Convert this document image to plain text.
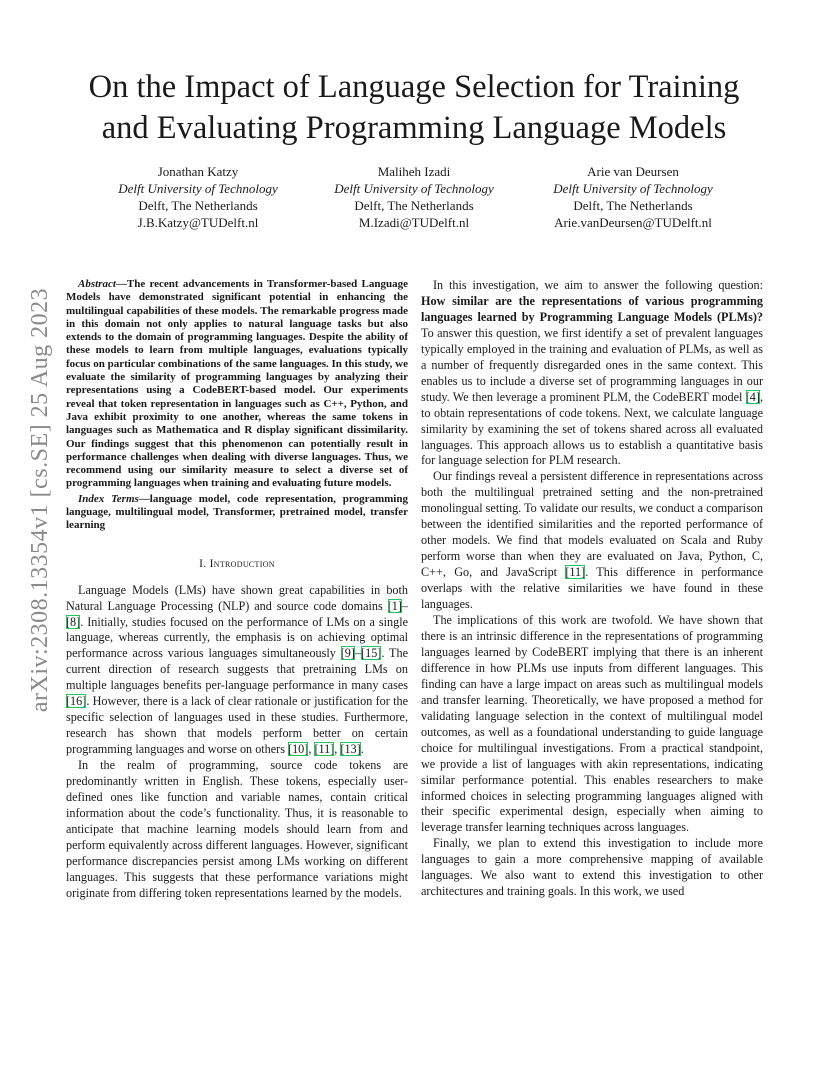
On the Impact of Language Selection for Training
and Evaluating Programming Language Models
Jonathan Katzy
Delft University of Technology
Delft, The Netherlands
J.B.Katzy@TUDelft.nl
Maliheh Izadi
Delft University of Technology
Delft, The Netherlands
M.Izadi@TUDelft.nl
Arie van Deursen
Delft University of Technology
Delft, The Netherlands
Arie.vanDeursen@TUDelft.nl
arXiv:2308.13354v1 [cs.SE] 25 Aug 2023
Abstract—The recent advancements in Transformer-based Language Models have demonstrated significant potential in enhancing the multilingual capabilities of these models. The remarkable progress made in this domain not only applies to natural language tasks but also extends to the domain of programming languages. Despite the ability of these models to learn from multiple languages, evaluations typically focus on particular combinations of the same languages. In this study, we evaluate the similarity of programming languages by analyzing their representations using a CodeBERT-based model. Our experiments reveal that token representation in languages such as C++, Python, and Java exhibit proximity to one another, whereas the same tokens in languages such as Mathematica and R display significant dissimilarity. Our findings suggest that this phenomenon can potentially result in performance challenges when dealing with diverse languages. Thus, we recommend using our similarity measure to select a diverse set of programming languages when training and evaluating future models.
Index Terms—language model, code representation, programming language, multilingual model, Transformer, pretrained model, transfer learning
I. Introduction

Language Models (LMs) have shown great capabilities in both Natural Language Processing (NLP) and source code domains [1]–[8]. Initially, studies focused on the performance of LMs on a single language, whereas currently, the emphasis is on achieving optimal performance across various languages simultaneously [9]–[15]. The current direction of research suggests that pretraining LMs on multiple languages benefits per-language performance in many cases [16]. However, there is a lack of clear rationale or justification for the specific selection of languages used in these studies. Furthermore, research has shown that models perform better on certain programming languages and worse on others [10], [11], [13].

In the realm of programming, source code tokens are predominantly written in English. These tokens, especially user-defined ones like function and variable names, contain critical information about the code’s functionality. Thus, it is reasonable to anticipate that machine learning models should learn from and perform equivalently across different languages. However, significant performance discrepancies persist among LMs working on different languages. This suggests that these performance variations might originate from differing token representations learned by the models.

In this investigation, we aim to answer the following question: How similar are the representations of various programming languages learned by Programming Language Models (PLMs)? To answer this question, we first identify a set of prevalent languages typically employed in the training and evaluation of PLMs, as well as a number of frequently disregarded ones in the same context. This enables us to include a diverse set of programming languages in our study. We then leverage a prominent PLM, the CodeBERT model [4], to obtain representations of code tokens. Next, we calculate language similarity by examining the set of tokens shared across all evaluated languages. This approach allows us to establish a quantitative basis for language selection for PLM research.

Our findings reveal a persistent difference in representations across both the multilingual pretrained setting and the non-pretrained monolingual setting. To validate our results, we conduct a comparison between the identified similarities and the reported performance of other models. We find that models evaluated on Scala and Ruby perform worse than when they are evaluated on Java, Python, C, C++, Go, and JavaScript [11]. This difference in performance overlaps with the relative similarities we have found in these languages.

The implications of this work are twofold. We have shown that there is an intrinsic difference in the representations of programming languages learned by CodeBERT implying that there is an inherent difference in how PLMs use inputs from different languages. This finding can have a large impact on areas such as multilingual models and transfer learning. Theoretically, we have proposed a method for validating language selection in the context of multilingual model outcomes, as well as a foundational understanding to guide language choice for multilingual investigations. From a practical standpoint, we provide a list of languages with akin representations, indicating similar performance potential. This enables researchers to make informed choices in selecting programming languages aligned with their specific experimental design, especially when aiming to leverage transfer learning techniques across languages.

Finally, we plan to extend this investigation to include more languages to gain a more comprehensive mapping of available languages. We also want to extend this investigation to other architectures and training goals. In this work, we used
